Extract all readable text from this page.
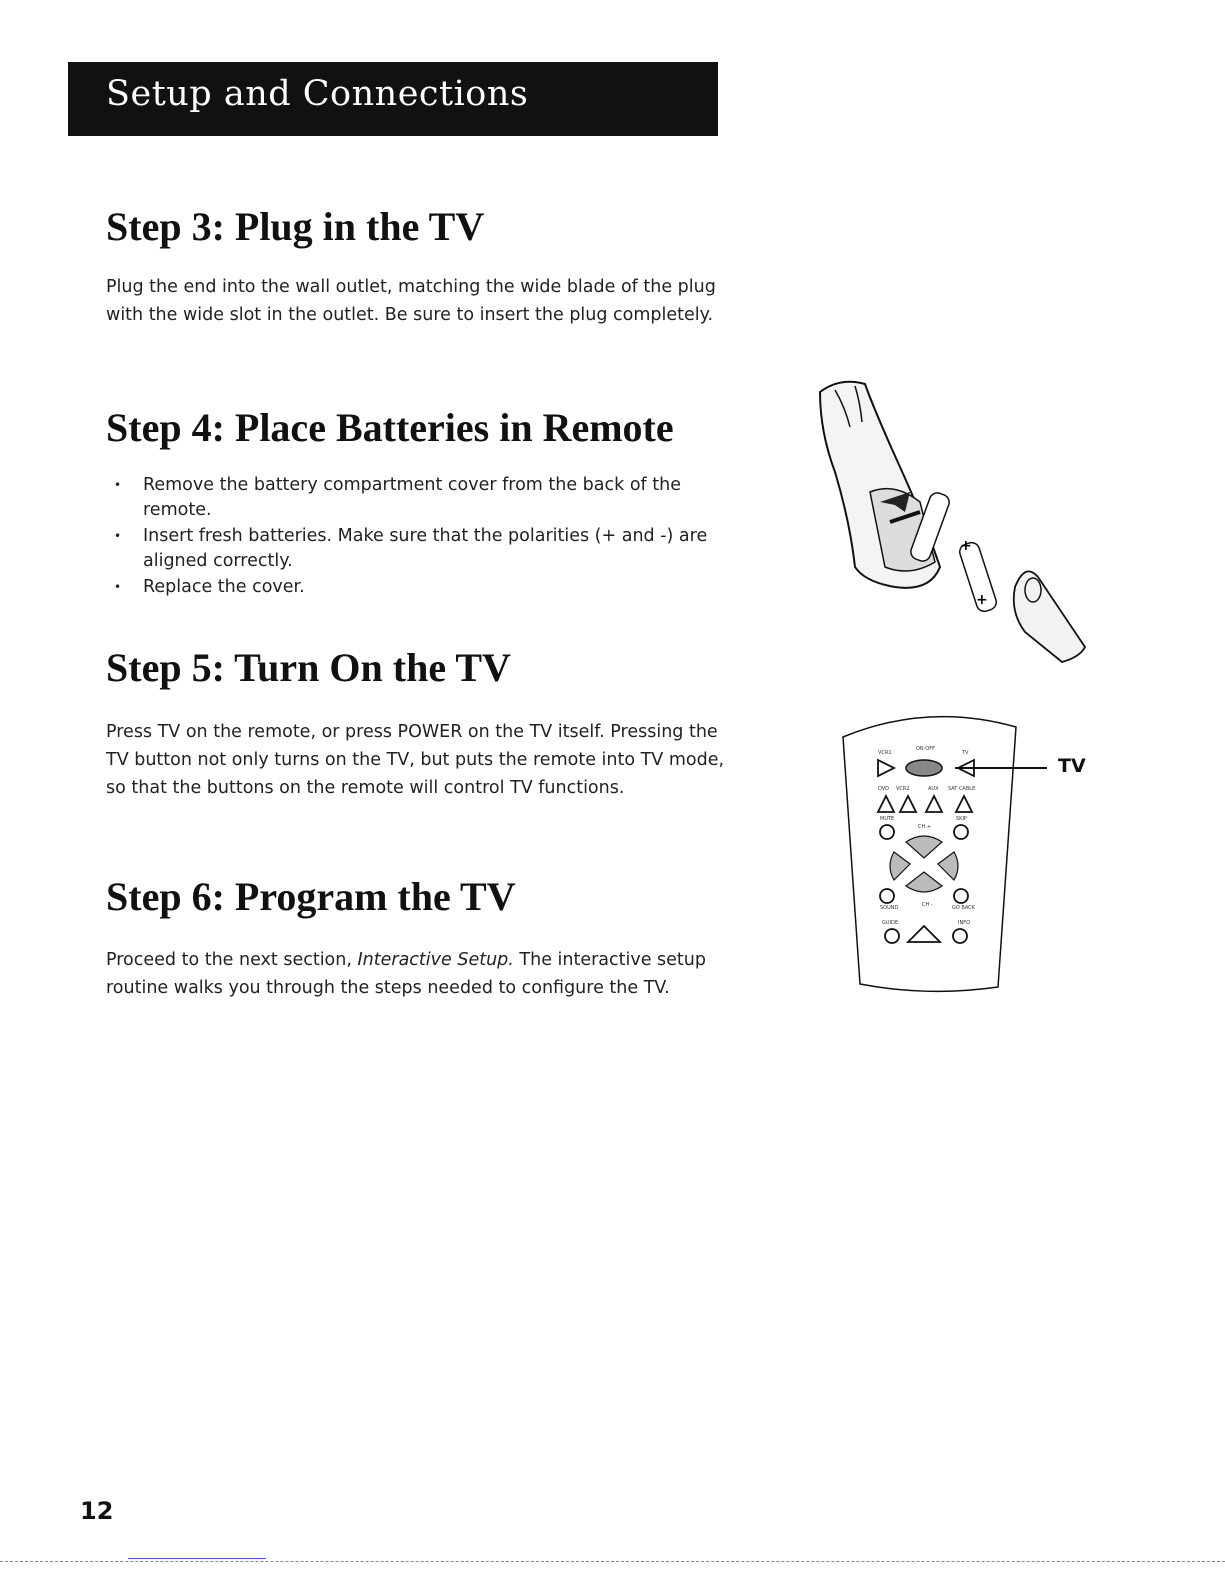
Setup and Connections
Step 3: Plug in the TV

Plug the end into the wall outlet, matching the wide blade of the plug with the wide slot in the outlet. Be sure to insert the plug completely.

Step 4: Place Batteries in Remote
• Remove the battery compartment cover from the back of the remote.
• Insert fresh batteries. Make sure that the polarities (+ and -) are aligned correctly.
• Replace the cover.
Step 5: Turn On the TV

Press TV on the remote, or press POWER on the TV itself. Pressing the TV button not only turns on the TV, but puts the remote into TV mode, so that the buttons on the remote will control TV functions.

Step 6: Program the TV

Proceed to the next section, Interactive Setup. The interactive setup routine walks you through the steps needed to configure the TV.

+
+
VCR1
ON·OFF
TV
DVD VCR2	AUX SAT·CABLE
MUTE
CH +
SKIP
SOUND	CH -	GO BACK
GUIDE	INFO
TV
12
